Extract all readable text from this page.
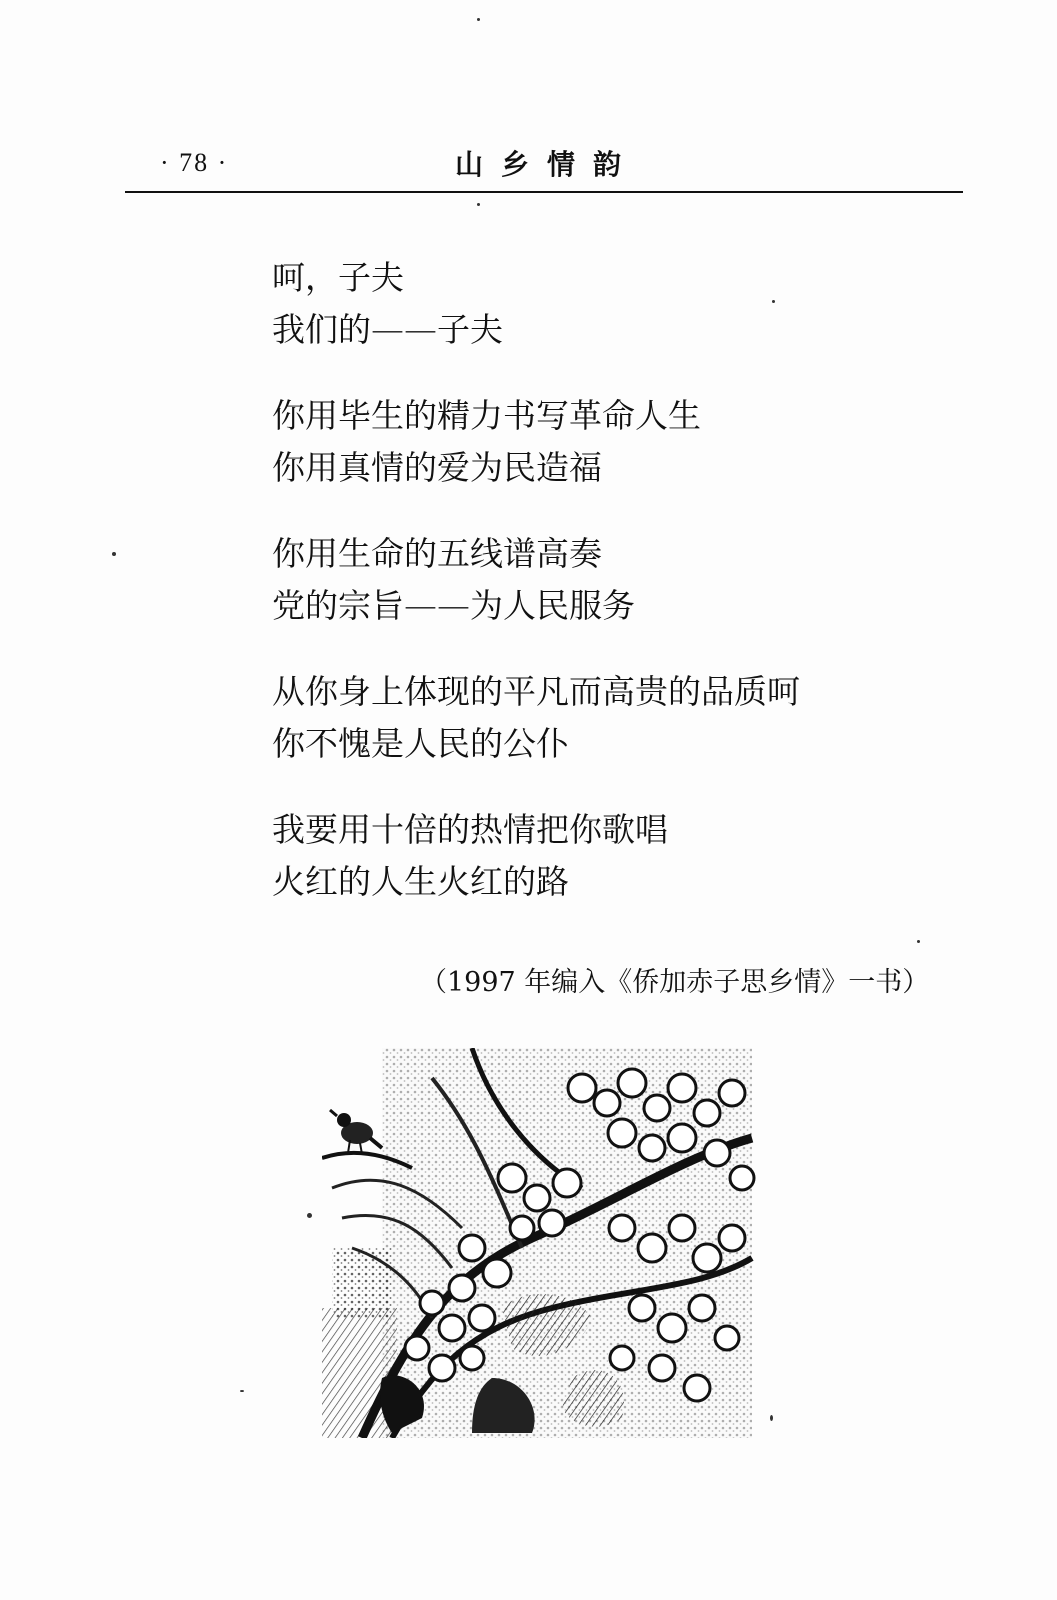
· 78 ·	山乡情韵
呵，子夫
我们的——子夫
你用毕生的精力书写革命人生
你用真情的爱为民造福
你用生命的五线谱高奏
党的宗旨——为人民服务
从你身上体现的平凡而高贵的品质呵
你不愧是人民的公仆
我要用十倍的热情把你歌唱
火红的人生火红的路
（1997 年编入《侨加赤子思乡情》一书）
